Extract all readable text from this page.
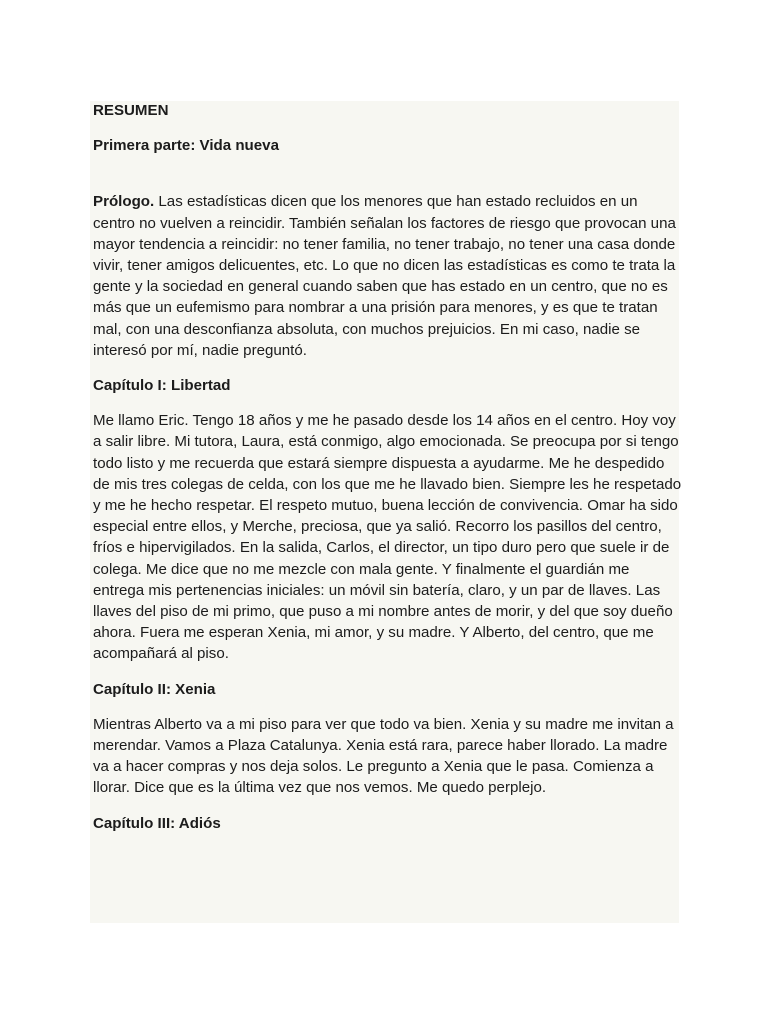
RESUMEN

Primera parte: Vida nueva

Prólogo. Las estadísticas dicen que los menores que han estado recluidos en un centro no vuelven a reincidir. También señalan los factores de riesgo que provocan una mayor tendencia a reincidir: no tener familia, no tener trabajo, no tener una casa donde vivir, tener amigos delicuentes, etc. Lo que no dicen las estadísticas es como te trata la gente y la sociedad en general cuando saben que has estado en un centro, que no es más que un eufemismo para nombrar a una prisión para menores, y es que te tratan mal, con una desconfianza absoluta, con muchos prejuicios. En mi caso, nadie se interesó por mí, nadie preguntó.

Capítulo I: Libertad

Me llamo Eric. Tengo 18 años y me he pasado desde los 14 años en el centro. Hoy voy a salir libre. Mi tutora, Laura, está conmigo, algo emocionada. Se preocupa por si tengo todo listo y me recuerda que estará siempre dispuesta a ayudarme. Me he despedido de mis tres colegas de celda, con los que me he llavado bien. Siempre les he respetado y me he hecho respetar. El respeto mutuo, buena lección de convivencia. Omar ha sido especial entre ellos, y Merche, preciosa, que ya salió. Recorro los pasillos del centro, fríos e hipervigilados. En la salida, Carlos, el director, un tipo duro pero que suele ir de colega. Me dice que no me mezcle con mala gente. Y finalmente el guardián me entrega mis pertenencias iniciales: un móvil sin batería, claro, y un par de llaves. Las llaves del piso de mi primo, que puso a mi nombre antes de morir, y del que soy dueño ahora. Fuera me esperan Xenia, mi amor, y su madre. Y Alberto, del centro, que me acompañará al piso.

Capítulo II: Xenia

Mientras Alberto va a mi piso para ver que todo va bien. Xenia y su madre me invitan a merendar. Vamos a Plaza Catalunya. Xenia está rara, parece haber llorado. La madre va a hacer compras y nos deja solos. Le pregunto a Xenia que le pasa. Comienza a llorar. Dice que es la última vez que nos vemos. Me quedo perplejo.

Capítulo III: Adiós
